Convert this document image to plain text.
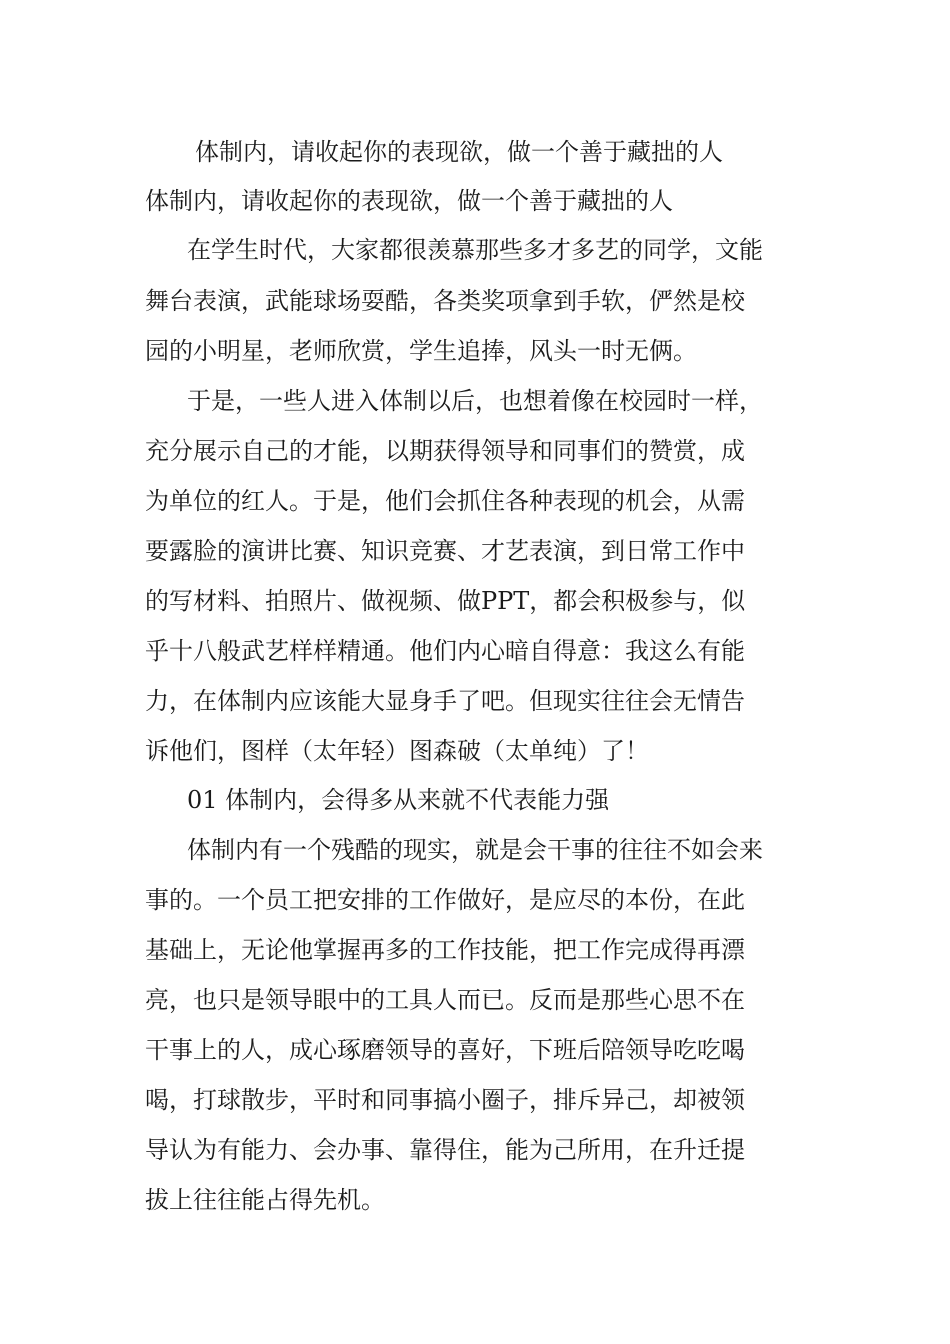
体制内，请收起你的表现欲，做一个善于藏拙的人

体制内，请收起你的表现欲，做一个善于藏拙的人

在学生时代，大家都很羡慕那些多才多艺的同学，文能

舞台表演，武能球场耍酷，各类奖项拿到手软，俨然是校

园的小明星，老师欣赏，学生追捧，风头一时无俩。

于是，一些人进入体制以后，也想着像在校园时一样，

充分展示自己的才能，以期获得领导和同事们的赞赏，成

为单位的红人。于是，他们会抓住各种表现的机会，从需

要露脸的演讲比赛、知识竞赛、才艺表演，到日常工作中

的写材料、拍照片、做视频、做PPT，都会积极参与，似

乎十八般武艺样样精通。他们内心暗自得意：我这么有能

力，在体制内应该能大显身手了吧。但现实往往会无情告

诉他们，图样（太年轻）图森破（太单纯）了！

01 体制内，会得多从来就不代表能力强

体制内有一个残酷的现实，就是会干事的往往不如会来

事的。一个员工把安排的工作做好，是应尽的本份，在此

基础上，无论他掌握再多的工作技能，把工作完成得再漂

亮，也只是领导眼中的工具人而已。反而是那些心思不在

干事上的人，成心琢磨领导的喜好，下班后陪领导吃吃喝

喝，打球散步，平时和同事搞小圈子，排斥异己，却被领

导认为有能力、会办事、靠得住，能为己所用，在升迁提

拔上往往能占得先机。
